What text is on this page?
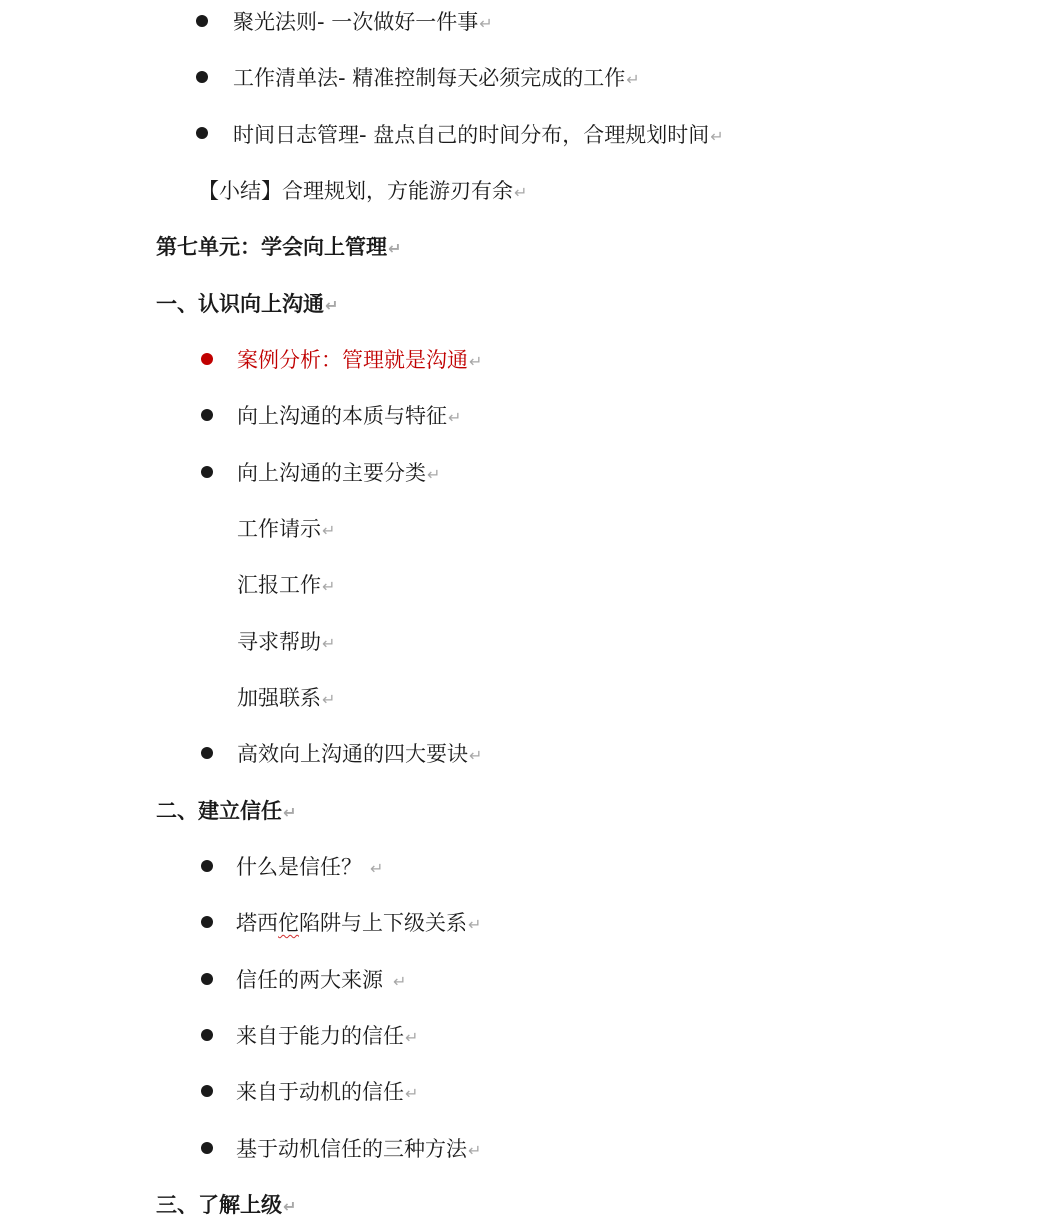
聚光法则- 一次做好一件事↵
工作清单法- 精准控制每天必须完成的工作↵
时间日志管理- 盘点自己的时间分布，合理规划时间↵
【小结】合理规划，方能游刃有余↵
第七单元：学会向上管理↵
一、认识向上沟通↵
案例分析：管理就是沟通↵
向上沟通的本质与特征↵
向上沟通的主要分类↵
工作请示↵
汇报工作↵
寻求帮助↵
加强联系↵
高效向上沟通的四大要诀↵
二、建立信任↵
什么是信任？ ↵
塔西佗陷阱与上下级关系↵
信任的两大来源 ↵
来自于能力的信任↵
来自于动机的信任↵
基于动机信任的三种方法↵
三、了解上级↵
